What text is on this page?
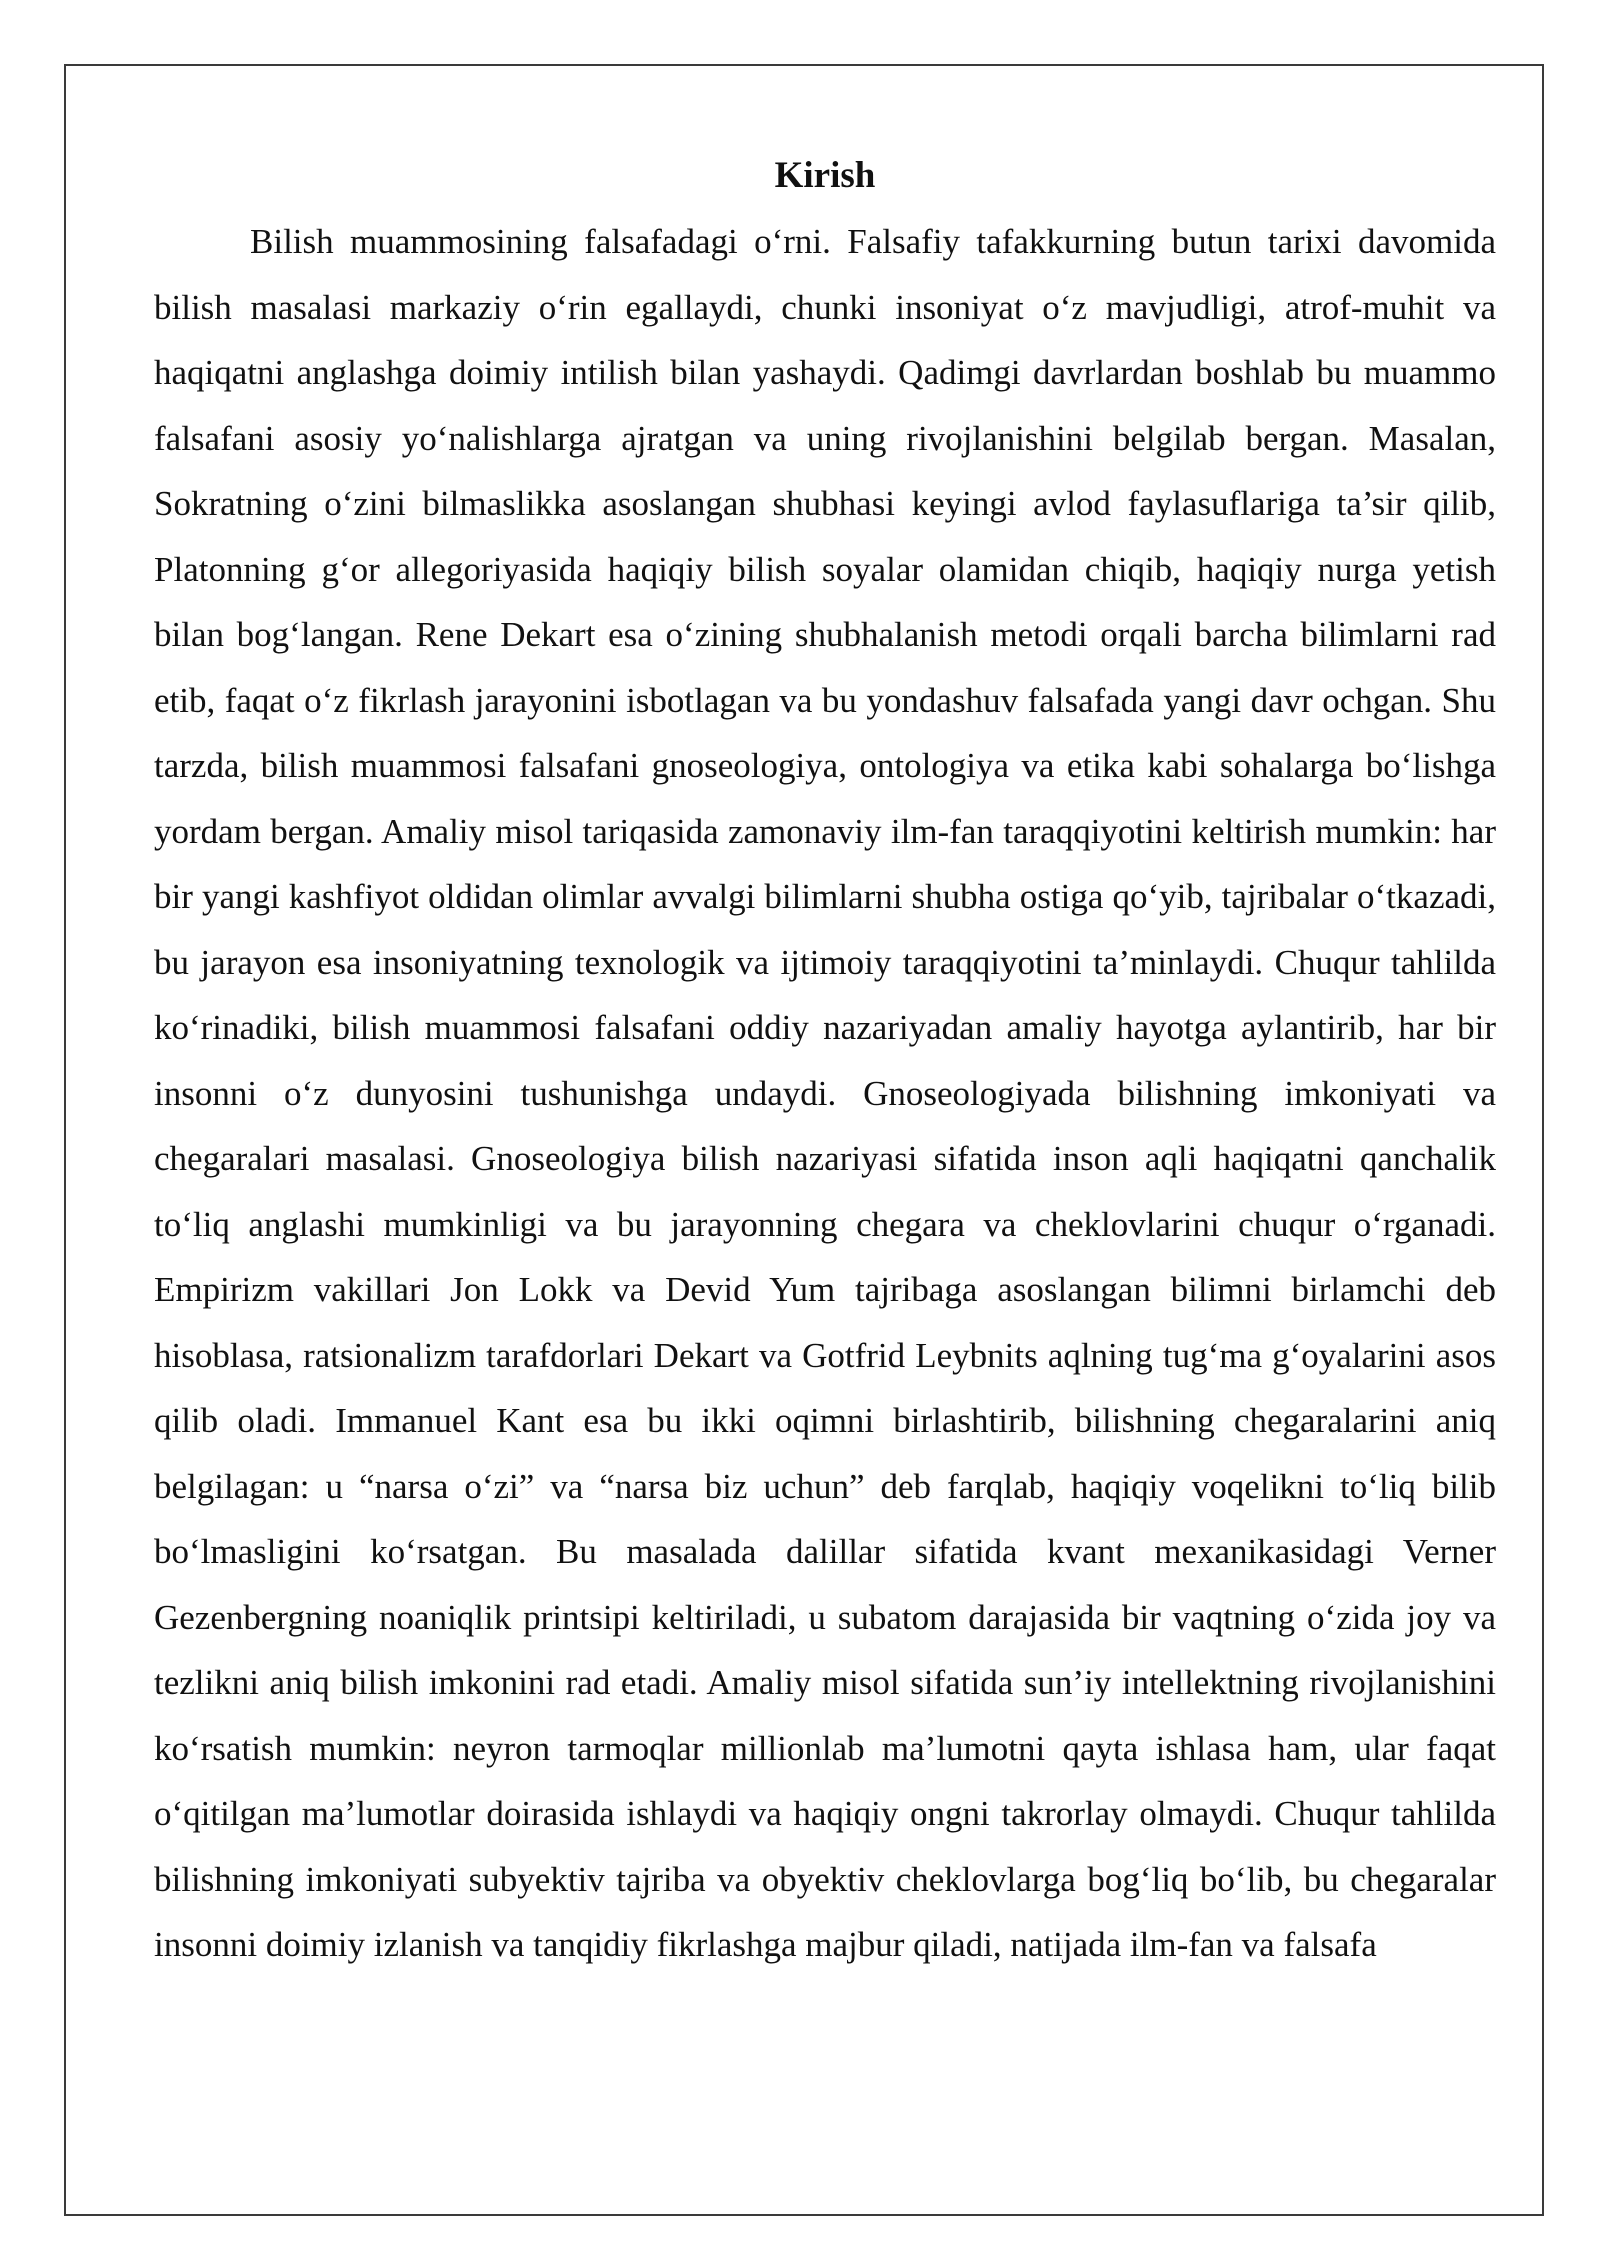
Kirish

Bilish muammosining falsafadagi o‘rni. Falsafiy tafakkurning butun tarixi davomida bilish masalasi markaziy o‘rin egallaydi, chunki insoniyat o‘z mavjudligi, atrof-muhit va haqiqatni anglashga doimiy intilish bilan yashaydi. Qadimgi davrlardan boshlab bu muammo falsafani asosiy yo‘nalishlarga ajratgan va uning rivojlanishini belgilab bergan. Masalan, Sokratning o‘zini bilmaslikka asoslangan shubhasi keyingi avlod faylasuflariga ta’sir qilib, Platonning g‘or allegoriyasida haqiqiy bilish soyalar olamidan chiqib, haqiqiy nurga yetish bilan bog‘langan. Rene Dekart esa o‘zining shubhalanish metodi orqali barcha bilimlarni rad etib, faqat o‘z fikrlash jarayonini isbotlagan va bu yondashuv falsafada yangi davr ochgan. Shu tarzda, bilish muammosi falsafani gnoseologiya, ontologiya va etika kabi sohalarga bo‘lishga yordam bergan. Amaliy misol tariqasida zamonaviy ilm-fan taraqqiyotini keltirish mumkin: har bir yangi kashfiyot oldidan olimlar avvalgi bilimlarni shubha ostiga qo‘yib, tajribalar o‘tkazadi, bu jarayon esa insoniyatning texnologik va ijtimoiy taraqqiyotini ta’minlaydi. Chuqur tahlilda ko‘rinadiki, bilish muammosi falsafani oddiy nazariyadan amaliy hayotga aylantirib, har bir insonni o‘z dunyosini tushunishga undaydi. Gnoseologiyada bilishning imkoniyati va chegaralari masalasi. Gnoseologiya bilish nazariyasi sifatida inson aqli haqiqatni qanchalik to‘liq anglashi mumkinligi va bu jarayonning chegara va cheklovlarini chuqur o‘rganadi. Empirizm vakillari Jon Lokk va Devid Yum tajribaga asoslangan bilimni birlamchi deb hisoblasa, ratsionalizm tarafdorlari Dekart va Gotfrid Leybnits aqlning tug‘ma g‘oyalarini asos qilib oladi. Immanuel Kant esa bu ikki oqimni birlashtirib, bilishning chegaralarini aniq belgilagan: u “narsa o‘zi” va “narsa biz uchun” deb farqlab, haqiqiy voqelikni to‘liq bilib bo‘lmasligini ko‘rsatgan. Bu masalada dalillar sifatida kvant mexanikasidagi Verner Gezenbergning noaniqlik printsipi keltiriladi, u subatom darajasida bir vaqtning o‘zida joy va tezlikni aniq bilish imkonini rad etadi. Amaliy misol sifatida sun’iy intellektning rivojlanishini ko‘rsatish mumkin: neyron tarmoqlar millionlab ma’lumotni qayta ishlasa ham, ular faqat o‘qitilgan ma’lumotlar doirasida ishlaydi va haqiqiy ongni takrorlay olmaydi. Chuqur tahlilda bilishning imkoniyati subyektiv tajriba va obyektiv cheklovlarga bog‘liq bo‘lib, bu chegaralar insonni doimiy izlanish va tanqidiy fikrlashga majbur qiladi, natijada ilm-fan va falsafa
